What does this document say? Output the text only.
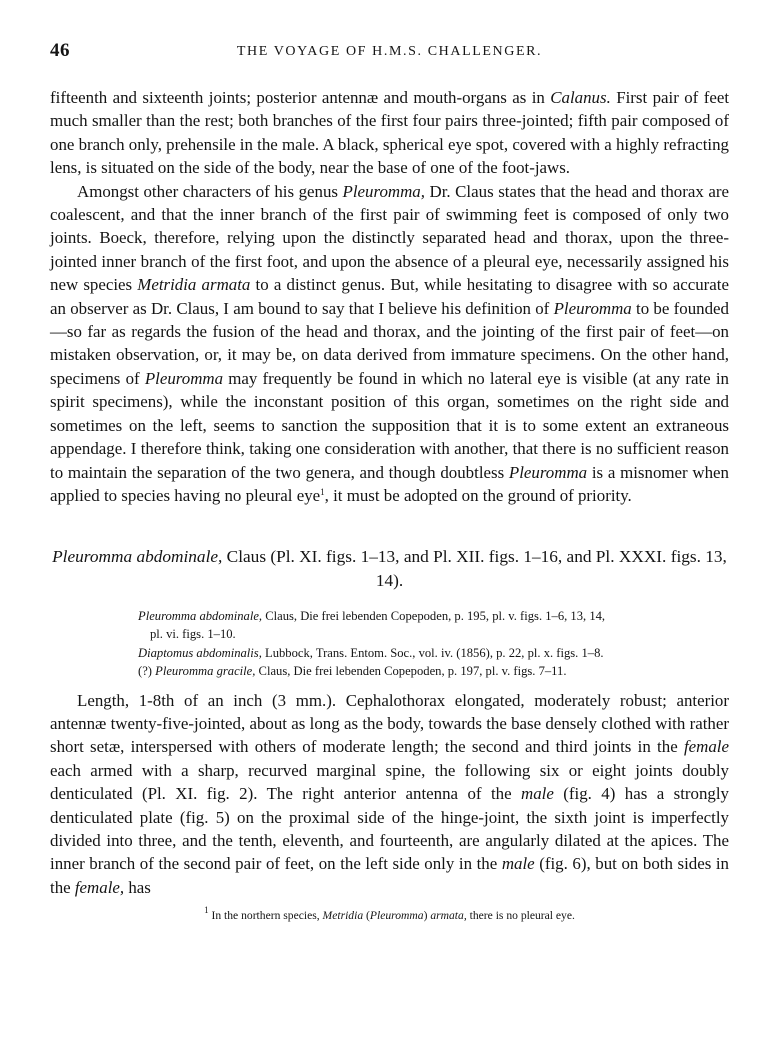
46	THE VOYAGE OF H.M.S. CHALLENGER.

fifteenth and sixteenth joints; posterior antennæ and mouth-organs as in Calanus. First pair of feet much smaller than the rest; both branches of the first four pairs three-jointed; fifth pair composed of one branch only, prehensile in the male. A black, spherical eye spot, covered with a highly refracting lens, is situated on the side of the body, near the base of one of the foot-jaws.

Amongst other characters of his genus Pleuromma, Dr. Claus states that the head and thorax are coalescent, and that the inner branch of the first pair of swimming feet is composed of only two joints. Boeck, therefore, relying upon the distinctly separated head and thorax, upon the three-jointed inner branch of the first foot, and upon the absence of a pleural eye, necessarily assigned his new species Metridia armata to a distinct genus. But, while hesitating to disagree with so accurate an observer as Dr. Claus, I am bound to say that I believe his definition of Pleuromma to be founded—so far as regards the fusion of the head and thorax, and the jointing of the first pair of feet—on mistaken observation, or, it may be, on data derived from immature specimens. On the other hand, specimens of Pleuromma may frequently be found in which no lateral eye is visible (at any rate in spirit specimens), while the inconstant position of this organ, sometimes on the right side and sometimes on the left, seems to sanction the supposition that it is to some extent an extraneous appendage. I therefore think, taking one consideration with another, that there is no sufficient reason to maintain the separation of the two genera, and though doubtless Pleuromma is a misnomer when applied to species having no pleural eye$^1$, it must be adopted on the ground of priority.

Pleuromma abdominale, Claus (Pl. XI. figs. 1–13, and Pl. XII. figs. 1–16, and Pl. XXXI. figs. 13, 14).

Pleuromma abdominale, Claus, Die frei lebenden Copepoden, p. 195, pl. v. figs. 1–6, 13, 14,
pl. vi. figs. 1–10.
Diaptomus abdominalis, Lubbock, Trans. Entom. Soc., vol. iv. (1856), p. 22, pl. x. figs. 1–8.
(?) Pleuromma gracile, Claus, Die frei lebenden Copepoden, p. 197, pl. v. figs. 7–11.

Length, 1-8th of an inch (3 mm.). Cephalothorax elongated, moderately robust; anterior antennæ twenty-five-jointed, about as long as the body, towards the base densely clothed with rather short setæ, interspersed with others of moderate length; the second and third joints in the female each armed with a sharp, recurved marginal spine, the following six or eight joints doubly denticulated (Pl. XI. fig. 2). The right anterior antenna of the male (fig. 4) has a strongly denticulated plate (fig. 5) on the proximal side of the hinge-joint, the sixth joint is imperfectly divided into three, and the tenth, eleventh, and fourteenth, are angularly dilated at the apices. The inner branch of the second pair of feet, on the left side only in the male (fig. 6), but on both sides in the female, has

$^1$ In the northern species, Metridia (Pleuromma) armata, there is no pleural eye.
